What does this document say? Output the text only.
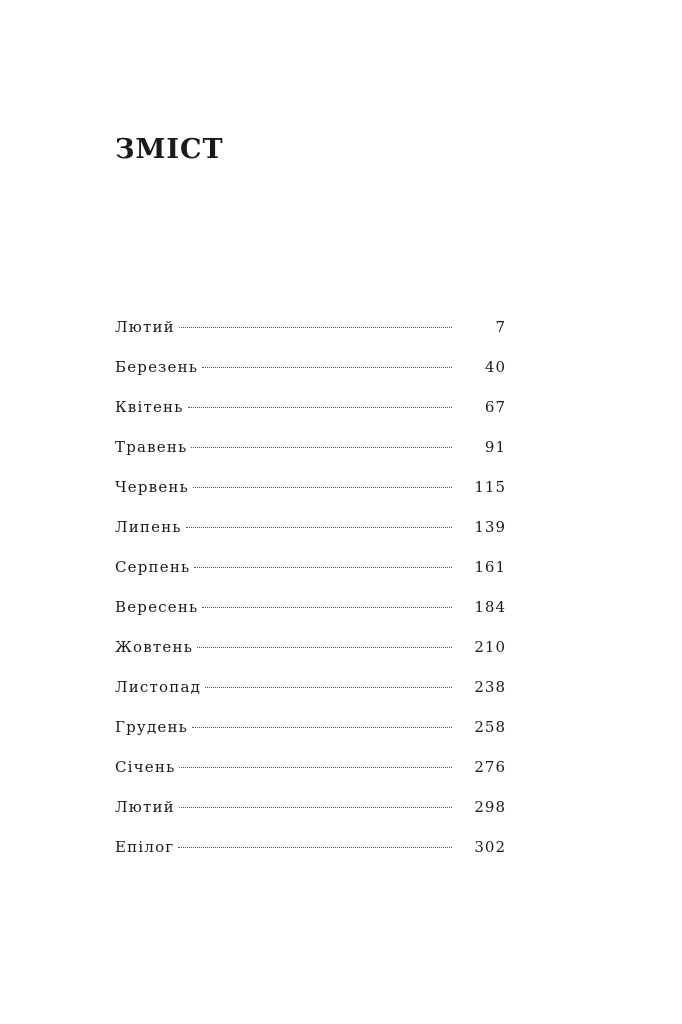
ЗМІСТ
Лютий	7
Березень	40
Квітень	67
Травень	91
Червень	115
Липень	139
Серпень	161
Вересень	184
Жовтень	210
Листопад	238
Грудень	258
Січень	276
Лютий	298
Епілог	302
